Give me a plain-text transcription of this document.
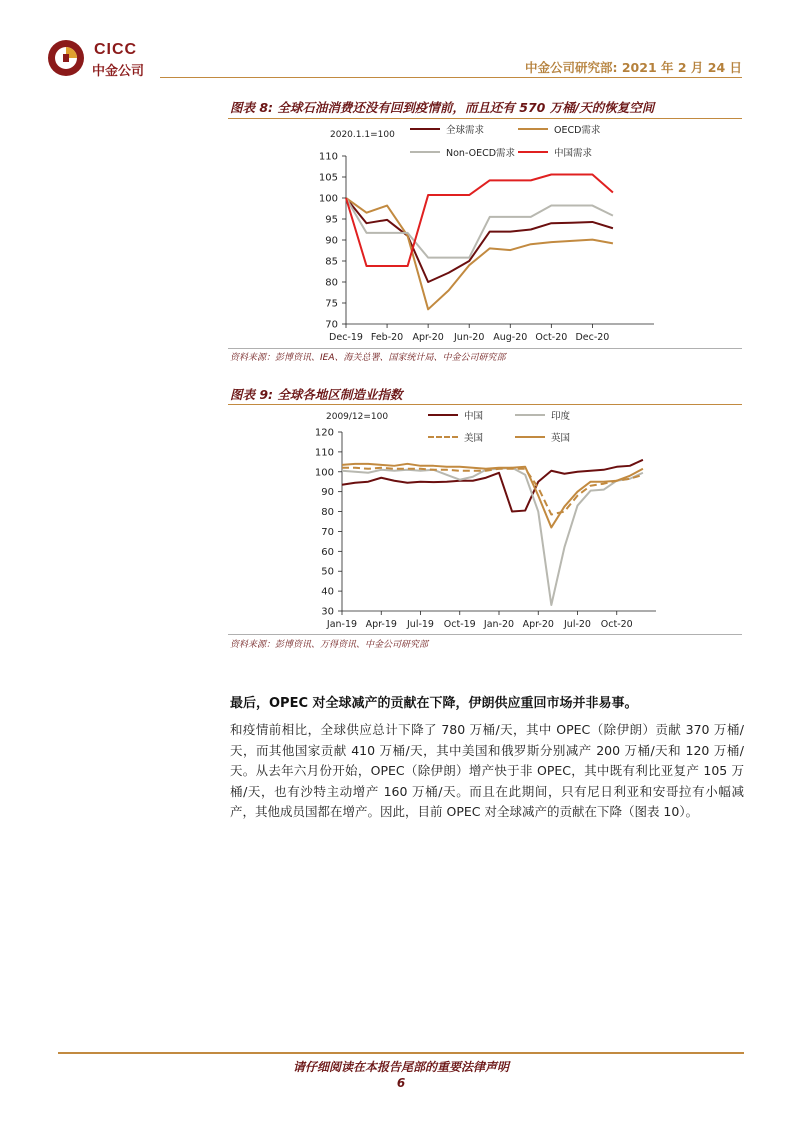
CICC
中金公司	中金公司研究部: 2021 年 2 月 24 日
图表 8: 全球石油消费还没有回到疫情前，而且还有 570 万桶/天的恢复空间
2020.1.1=100	全球需求	OECD需求
Non-OECD需求	中国需求
70
75
80
85
90
95
100
105
110
Dec-19 Feb-20 Apr-20 Jun-20 Aug-20 Oct-20 Dec-20
资料来源：彭博资讯、IEA、海关总署、国家统计局、中金公司研究部
图表 9: 全球各地区制造业指数
2009/12=100	中国	印度
美国	英国
30
40
50
60
70
80
90
100
110
120
Jan-19 Apr-19 Jul-19 Oct-19 Jan-20 Apr-20 Jul-20 Oct-20
资料来源：彭博资讯、万得资讯、中金公司研究部
最后，OPEC 对全球减产的贡献在下降，伊朗供应重回市场并非易事。
和疫情前相比，全球供应总计下降了 780 万桶/天，其中 OPEC（除伊朗）贡献 370 万桶/天，而其他国家贡献 410 万桶/天，其中美国和俄罗斯分别减产 200 万桶/天和 120 万桶/天。从去年六月份开始，OPEC（除伊朗）增产快于非 OPEC，其中既有利比亚复产 105 万桶/天，也有沙特主动增产 160 万桶/天。而且在此期间，只有尼日利亚和安哥拉有小幅减产，其他成员国都在增产。因此，目前 OPEC 对全球减产的贡献在下降（图表 10）。
请仔细阅读在本报告尾部的重要法律声明
6
